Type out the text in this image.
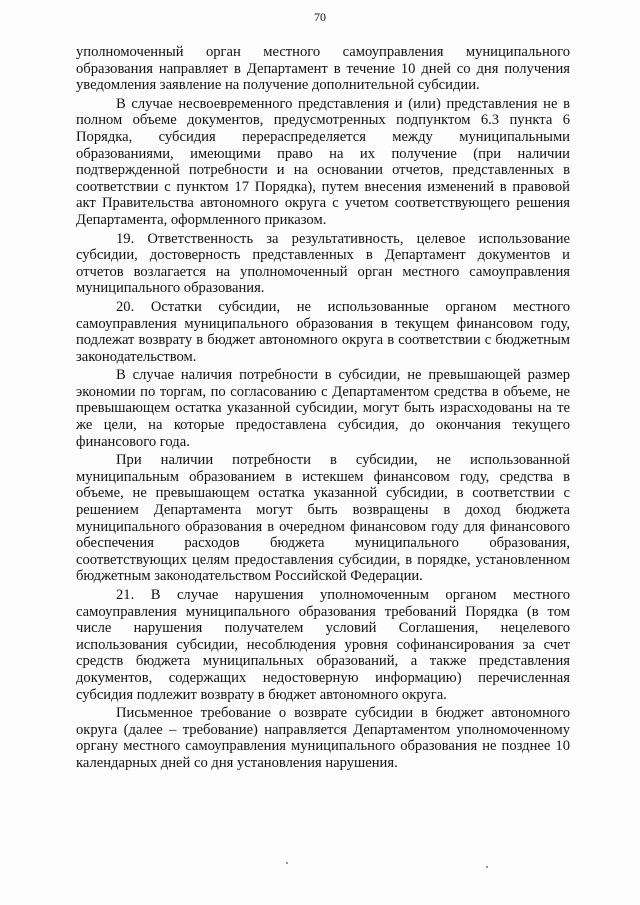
70

уполномоченный орган местного самоуправления муниципального образования направляет в Департамент в течение 10 дней со дня получения уведомления заявление на получение дополнительной субсидии.

В случае несвоевременного представления и (или) представления не в полном объеме документов, предусмотренных подпунктом 6.3 пункта 6 Порядка, субсидия перераспределяется между муниципальными образованиями, имеющими право на их получение (при наличии подтвержденной потребности и на основании отчетов, представленных в соответствии с пунктом 17 Порядка), путем внесения изменений в правовой акт Правительства автономного округа с учетом соответствующего решения Департамента, оформленного приказом.

19. Ответственность за результативность, целевое использование субсидии, достоверность представленных в Департамент документов и отчетов возлагается на уполномоченный орган местного самоуправления муниципального образования.

20. Остатки субсидии, не использованные органом местного самоуправления муниципального образования в текущем финансовом году, подлежат возврату в бюджет автономного округа в соответствии с бюджетным законодательством.

В случае наличия потребности в субсидии, не превышающей размер экономии по торгам, по согласованию с Департаментом средства в объеме, не превышающем остатка указанной субсидии, могут быть израсходованы на те же цели, на которые предоставлена субсидия, до окончания текущего финансового года.

При наличии потребности в субсидии, не использованной муниципальным образованием в истекшем финансовом году, средства в объеме, не превышающем остатка указанной субсидии, в соответствии с решением Департамента могут быть возвращены в доход бюджета муниципального образования в очередном финансовом году для финансового обеспечения расходов бюджета муниципального образования, соответствующих целям предоставления субсидии, в порядке, установленном бюджетным законодательством Российской Федерации.

21. В случае нарушения уполномоченным органом местного самоуправления муниципального образования требований Порядка (в том числе нарушения получателем условий Соглашения, нецелевого использования субсидии, несоблюдения уровня софинансирования за счет средств бюджета муниципальных образований, а также представления документов, содержащих недостоверную информацию) перечисленная субсидия подлежит возврату в бюджет автономного округа.

Письменное требование о возврате субсидии в бюджет автономного округа (далее – требование) направляется Департаментом уполномоченному органу местного самоуправления муниципального образования не позднее 10 календарных дней со дня установления нарушения.
